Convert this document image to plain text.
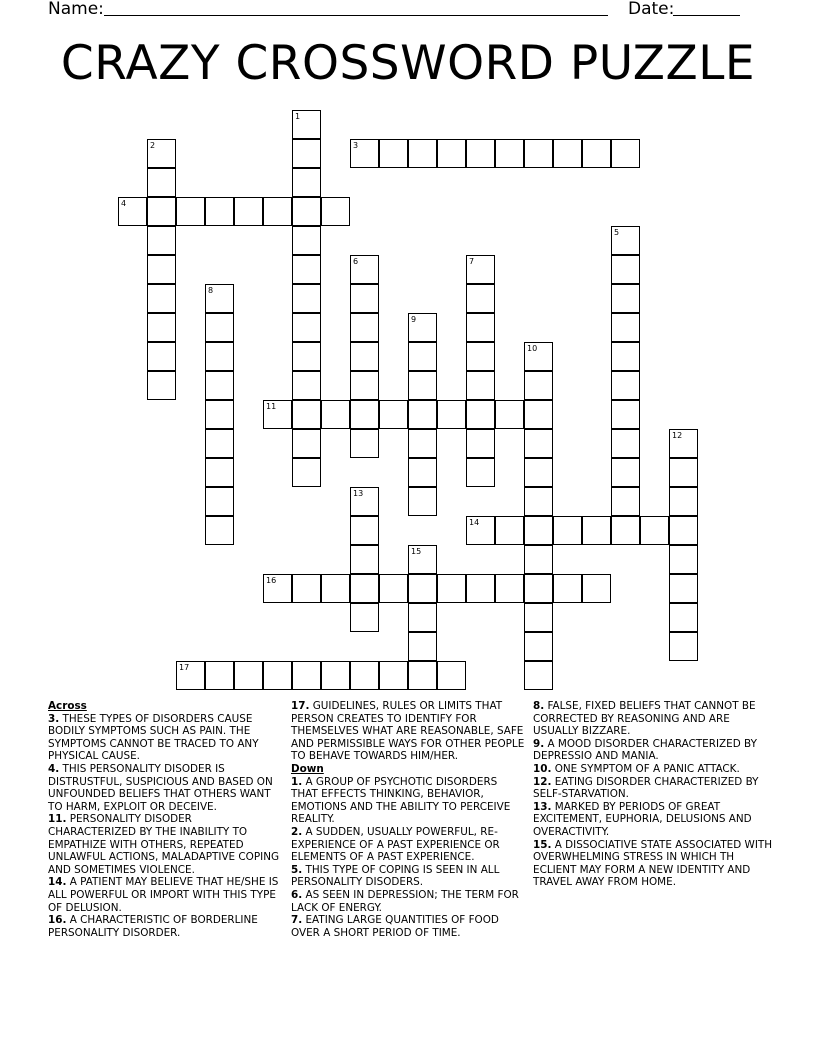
Name:	Date:
CRAZY CROSSWORD PUZZLE
1
2	3
4
5
6	7
8
9
10
11
12
13
14
15
16
17
Across
3. THESE TYPES OF DISORDERS CAUSE BODILY SYMPTOMS SUCH AS PAIN. THE SYMPTOMS CANNOT BE TRACED TO ANY PHYSICAL CAUSE.
4. THIS PERSONALITY DISODER IS DISTRUSTFUL, SUSPICIOUS AND BASED ON UNFOUNDED BELIEFS THAT OTHERS WANT TO HARM, EXPLOIT OR DECEIVE.
11. PERSONALITY DISODER CHARACTERIZED BY THE INABILITY TO EMPATHIZE WITH OTHERS, REPEATED UNLAWFUL ACTIONS, MALADAPTIVE COPING AND SOMETIMES VIOLENCE.
14. A PATIENT MAY BELIEVE THAT HE/SHE IS ALL POWERFUL OR IMPORT WITH THIS TYPE OF DELUSION.
16. A CHARACTERISTIC OF BORDERLINE PERSONALITY DISORDER.
17. GUIDELINES, RULES OR LIMITS THAT PERSON CREATES TO IDENTIFY FOR THEMSELVES WHAT ARE REASONABLE, SAFE AND PERMISSIBLE WAYS FOR OTHER PEOPLE TO BEHAVE TOWARDS HIM/HER.
Down
1. A GROUP OF PSYCHOTIC DISORDERS THAT EFFECTS THINKING, BEHAVIOR, EMOTIONS AND THE ABILITY TO PERCEIVE REALITY.
2. A SUDDEN, USUALLY POWERFUL, RE-EXPERIENCE OF A PAST EXPERIENCE OR ELEMENTS OF A PAST EXPERIENCE.
5. THIS TYPE OF COPING IS SEEN IN ALL PERSONALITY DISODERS.
6. AS SEEN IN DEPRESSION; THE TERM FOR LACK OF ENERGY.
7. EATING LARGE QUANTITIES OF FOOD OVER A SHORT PERIOD OF TIME.
8. FALSE, FIXED BELIEFS THAT CANNOT BE CORRECTED BY REASONING AND ARE USUALLY BIZZARE.
9. A MOOD DISORDER CHARACTERIZED BY DEPRESSIO AND MANIA.
10. ONE SYMPTOM OF A PANIC ATTACK.
12. EATING DISORDER CHARACTERIZED BY SELF-STARVATION.
13. MARKED BY PERIODS OF GREAT EXCITEMENT, EUPHORIA, DELUSIONS AND OVERACTIVITY.
15. A DISSOCIATIVE STATE ASSOCIATED WITH OVERWHELMING STRESS IN WHICH TH ECLIENT MAY FORM A NEW IDENTITY AND TRAVEL AWAY FROM HOME.
